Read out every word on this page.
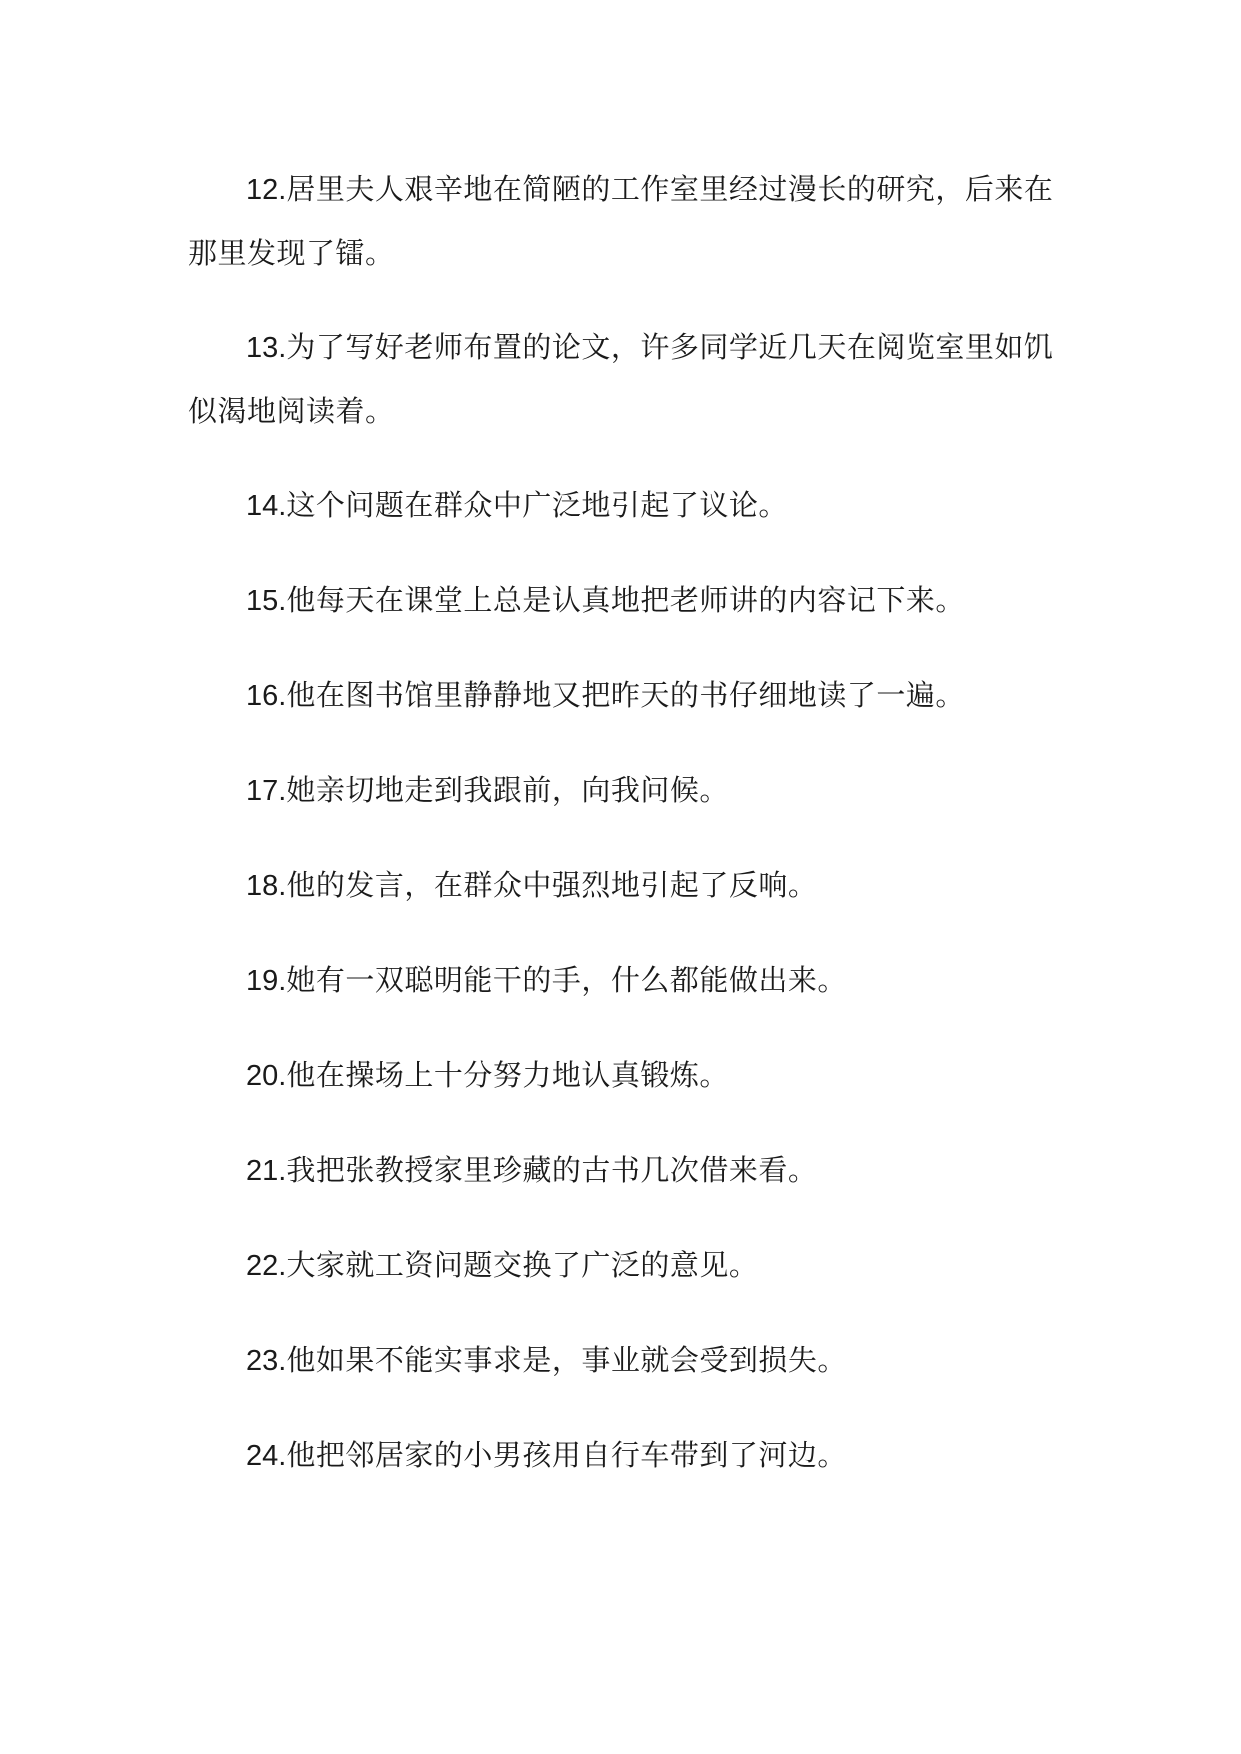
12.居里夫人艰辛地在简陋的工作室里经过漫长的研究，后来在那里发现了镭。

13.为了写好老师布置的论文，许多同学近几天在阅览室里如饥似渴地阅读着。

14.这个问题在群众中广泛地引起了议论。

15.他每天在课堂上总是认真地把老师讲的内容记下来。

16.他在图书馆里静静地又把昨天的书仔细地读了一遍。

17.她亲切地走到我跟前，向我问候。

18.他的发言，在群众中强烈地引起了反响。

19.她有一双聪明能干的手，什么都能做出来。

20.他在操场上十分努力地认真锻炼。

21.我把张教授家里珍藏的古书几次借来看。

22.大家就工资问题交换了广泛的意见。

23.他如果不能实事求是，事业就会受到损失。

24.他把邻居家的小男孩用自行车带到了河边。
